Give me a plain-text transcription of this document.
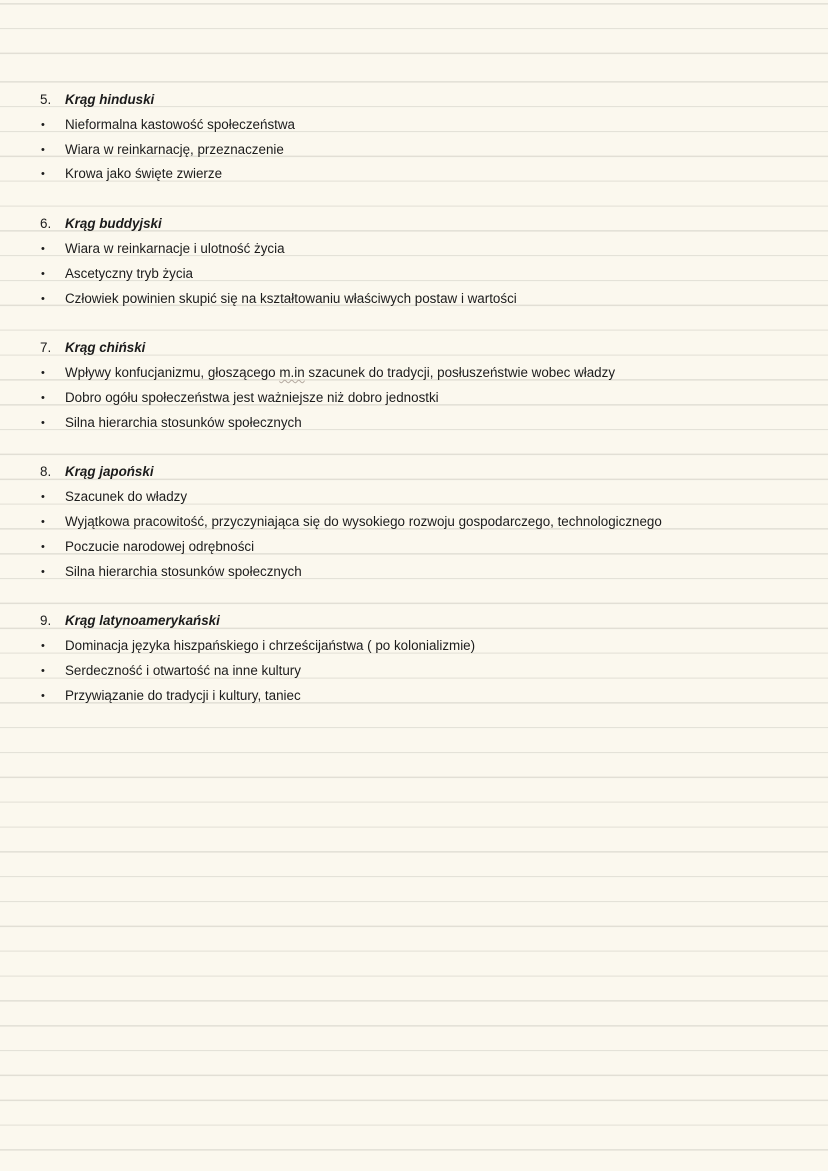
5. Krąg hinduski
• Nieformalna kastowość społeczeństwa
• Wiara w reinkarnację, przeznaczenie
• Krowa jako święte zwierze
6. Krąg buddyjski
• Wiara w reinkarnacje i ulotność życia
• Ascetyczny tryb życia
• Człowiek powinien skupić się na kształtowaniu właściwych postaw i wartości
7. Krąg chiński
• Wpływy konfucjanizmu, głoszącego m.in szacunek do tradycji, posłuszeństwie wobec władzy
• Dobro ogółu społeczeństwa jest ważniejsze niż dobro jednostki
• Silna hierarchia stosunków społecznych
8. Krąg japoński
• Szacunek do władzy
• Wyjątkowa pracowitość, przyczyniająca się do wysokiego rozwoju gospodarczego, technologicznego
• Poczucie narodowej odrębności
• Silna hierarchia stosunków społecznych
9. Krąg latynoamerykański
• Dominacja języka hiszpańskiego i chrześcijaństwa ( po kolonializmie)
• Serdeczność i otwartość na inne kultury
• Przywiązanie do tradycji i kultury, taniec
